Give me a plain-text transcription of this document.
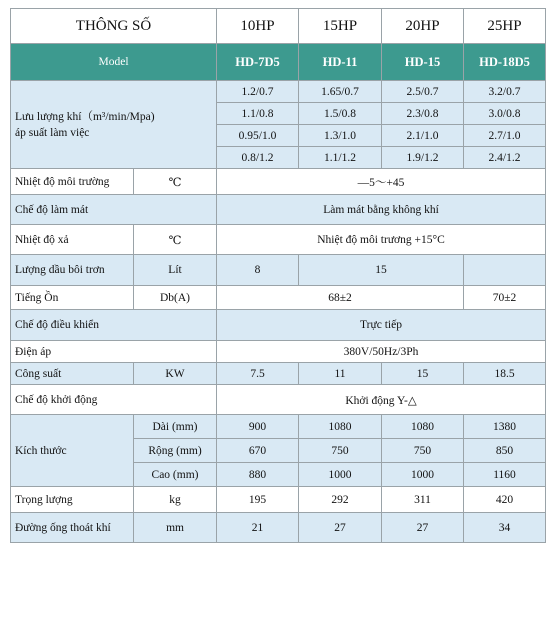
THÔNG SỐ		10HP	15HP	20HP	25HP
Model		HD-7D5	HD-11	HD-15	HD-18D5

Lưu lượng khí（m³/min/Mpa)
áp suất làm việc		1.2/0.7	1.65/0.7	2.5/0.7	3.2/0.7
		1.1/0.8	1.5/0.8	2.3/0.8	3.0/0.8
		0.95/1.0	1.3/1.0	2.1/1.0	2.7/1.0
		0.8/1.2	1.1/1.2	1.9/1.2	2.4/1.2
Nhiệt độ môi trường	℃	—5～+45			
Chế độ làm mát		Làm mát bằng không khí			
Nhiệt độ xả	℃	Nhiệt độ môi trương +15°C			
Lượng dầu bôi trơn	Lít	8	15		
Tiếng Ồn	Db(A)	68±2			70±2
Chế độ điều khiển		Trực tiếp			
Điện áp		380V/50Hz/3Ph			
Công suất	KW	7.5	11	15	18.5
Chế độ khởi động		Khởi động Y-△			
Kích thước	Dài (mm)	900	1080	1080	1380
	Rộng (mm)	670	750	750	850
	Cao (mm)	880	1000	1000	1160
Trọng lượng	kg	195	292	311	420
Đường ống thoát khí	mm	21	27	27	34
